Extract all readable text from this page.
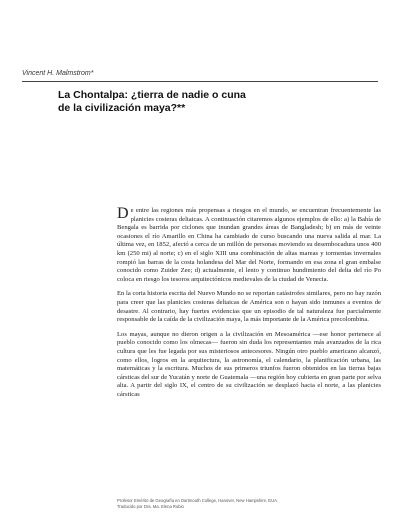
Vincent H. Malmstrom*
La Chontalpa: ¿tierra de nadie o cuna
de la civilización maya?**

De entre las regiones más propensas a riesgos en el mundo, se encuentran frecuentemente las planicies costeras deltaicas. A continuación citaremos algunos ejemplos de ello: a) la Bahía de Bengala es barrida por ciclones que inundan grandes áreas de Bangladesh; b) en más de veinte ocasiones el río Amarillo en China ha cambiado de curso buscando una nueva salida al mar. La última vez, en 1852, afectó a cerca de un millón de personas moviendo su desembocadura unos 400 km (250 mi) al norte; c) en el siglo XIII una combinación de altas mareas y tormentas invernales rompió las barras de la costa holandesa del Mar del Norte, formando en esa zona el gran embalse conocido como Zuider Zee; d) actualmente, el lento y continuo hundimiento del delta del río Po coloca en riesgo los tesoros arquitectónicos medievales de la ciudad de Venecia.

En la corta historia escrita del Nuevo Mundo no se reportan catástrofes similares, pero no hay razón para creer que las planicies costeras deltaicas de América son o hayan sido inmunes a eventos de desastre. Al contrario, hay fuertes evidencias que un episodio de tal naturaleza fue parcialmente responsable de la caída de la civilización maya, la más importante de la América precolombina.

Los mayas, aunque no dieron origen a la civilización en Mesoamérica —ese honor pertenece al pueblo conocido como los olmecas— fueron sin duda los representantes más avanzados de la rica cultura que les fue legada por sus misteriosos antecesores. Ningún otro pueblo americano alcanzó, como ellos, logros en la arquitectura, la astronomía, el calendario, la planificación urbana, las matemáticas y la escritura. Muchos de sus primeros triunfos fueron obtenidos en las tierras bajas cársticas del sur de Yucatán y norte de Guatemala —una región hoy cubierta en gran parte por selva alta. A partir del siglo IX, el centro de su civilización se desplazó hacia el norte, a las planicies cársticas

Profesor Emérito de Geografía en Dartmouth College, Hanover, New Hampshire, EUA.
Traducido por Dra. Ma. Elena Rubio
